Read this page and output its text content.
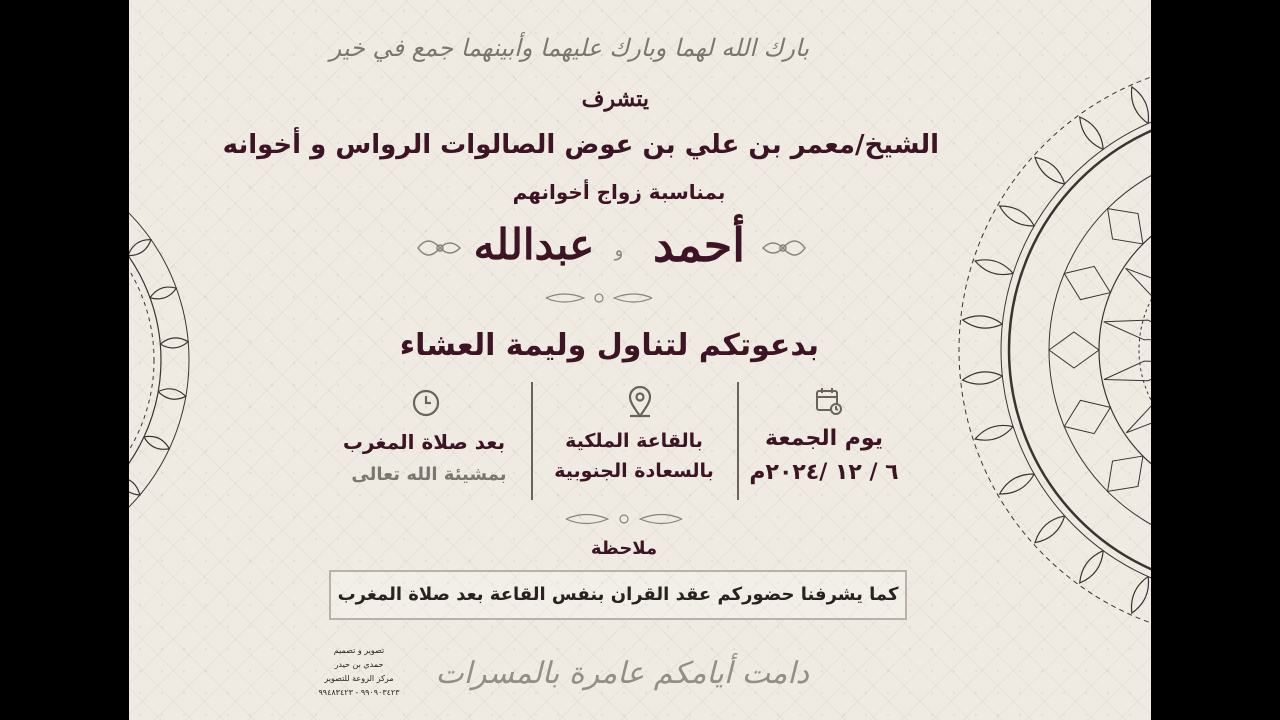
بارك الله لهما وبارك عليهما وأبينهما جمع في خير
يتشرف
الشيخ/معمر بن علي بن عوض الصالوات الرواس و أخوانه
بمناسبة زواج أخوانهم
أحمد
و
عبدالله
بدعوتكم لتناول وليمة العشاء
يوم الجمعة
٦ / ١٢ /٢٠٢٤م
بالقاعة الملكية
بالسعادة الجنوبية
بعد صلاة المغرب
بمشيئة الله تعالى
ملاحظة
كما يشرفنا حضوركم عقد القران بنفس القاعة بعد صلاة المغرب
تصوير و تصميم
حمدي بن حيدر
مركز الروعة للتصوير
٩٩٠٩٠٣٤٢٣ - ٩٩٤٨٣٤٢٣
دامت أيامكم عامرة بالمسرات
